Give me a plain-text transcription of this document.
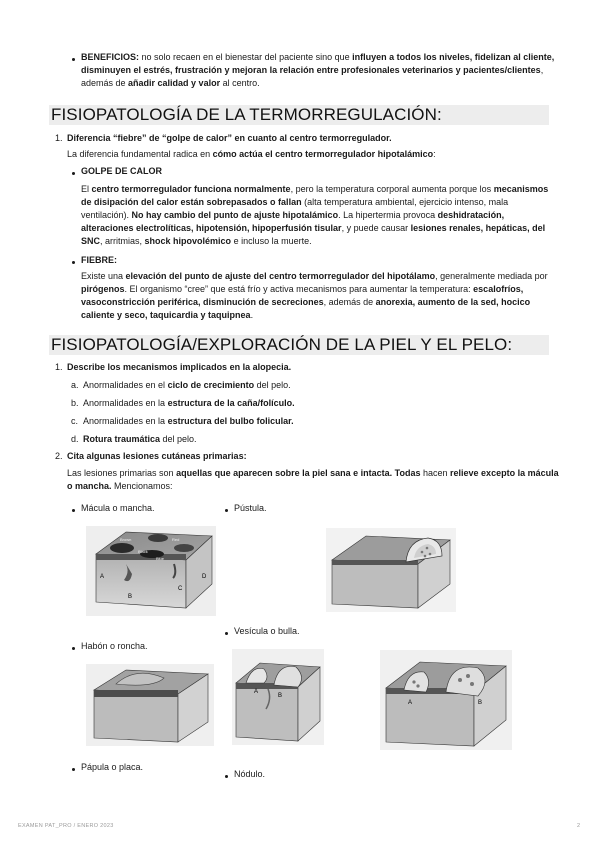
BENEFICIOS: no solo recaen en el bienestar del paciente sino que influyen a todos los niveles, fidelizan al cliente,
disminuyen el estrés, frustración y mejoran la relación entre profesionales veterinarios y pacientes/clientes,
además de añadir calidad y valor al centro.
FISIOPATOLOGÍA DE LA TERMORREGULACIÓN:
1. Diferencia “fiebre” de “golpe de calor” en cuanto al centro termorregulador.
La diferencia fundamental radica en cómo actúa el centro termorregulador hipotalámico:
GOLPE DE CALOR
El centro termorregulador funciona normalmente, pero la temperatura corporal aumenta porque los mecanismos
de disipación del calor están sobrepasados o fallan (alta temperatura ambiental, ejercicio intenso, mala
ventilación). No hay cambio del punto de ajuste hipotalámico. La hipertermia provoca deshidratación,
alteraciones electrolíticas, hipotensión, hipoperfusión tisular, y puede causar lesiones renales, hepáticas, del
SNC, arritmias, shock hipovolémico e incluso la muerte.
FIEBRE:
Existe una elevación del punto de ajuste del centro termorregulador del hipotálamo, generalmente mediada por
pirógenos. El organismo “cree” que está frío y activa mecanismos para aumentar la temperatura: escalofríos,
vasoconstricción periférica, disminución de secreciones, además de anorexia, aumento de la sed, hocico
caliente y seco, taquicardia y taquipnea.
FISIOPATOLOGÍA/EXPLORACIÓN DE LA PIEL Y EL PELO:
1. Describe los mecanismos implicados en la alopecia.
a. Anormalidades en el ciclo de crecimiento del pelo.
b. Anormalidades en la estructura de la caña/folículo.
c. Anormalidades en la estructura del bulbo folicular.
d. Rotura traumática del pelo.
2. Cita algunas lesiones cutáneas primarias:
Las lesiones primarias son aquellas que aparecen sobre la piel sana e intacta. Todas hacen relieve excepto la mácula
o mancha. Mencionamos:
Mácula o mancha.	Pústula.
Vesícula o bulla.
Habón o roncha.
Pápula o placa.
Nódulo.
A
B
C
D
Brown	Red
Blue
Black
A
B
A	B
EXAMEN PAT_PRO / ENERO 2023	2
